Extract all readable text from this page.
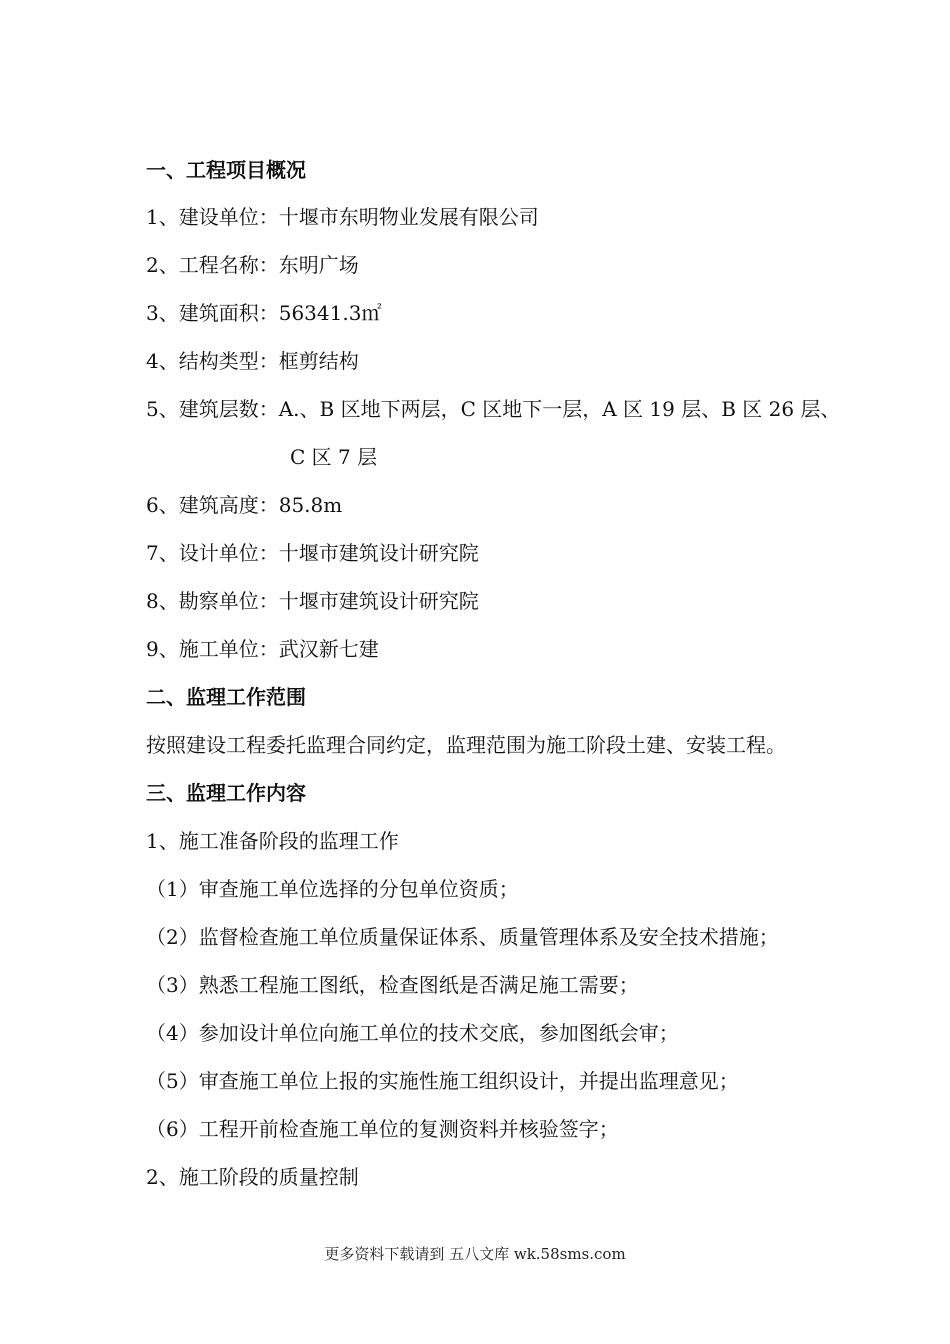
一、工程项目概况
1、建设单位：十堰市东明物业发展有限公司
2、工程名称：东明广场
3、建筑面积：56341.3㎡
4、结构类型：框剪结构
5、建筑层数：A.、B 区地下两层，C 区地下一层，A 区 19 层、B 区 26 层、
C 区 7 层
6、建筑高度：85.8m
7、设计单位：十堰市建筑设计研究院
8、勘察单位：十堰市建筑设计研究院
9、施工单位：武汉新七建
二、监理工作范围
按照建设工程委托监理合同约定，监理范围为施工阶段土建、安装工程。
三、监理工作内容
1、施工准备阶段的监理工作
（1）审查施工单位选择的分包单位资质；
（2）监督检查施工单位质量保证体系、质量管理体系及安全技术措施；
（3）熟悉工程施工图纸，检查图纸是否满足施工需要；
（4）参加设计单位向施工单位的技术交底，参加图纸会审；
（5）审查施工单位上报的实施性施工组织设计，并提出监理意见；
（6）工程开前检查施工单位的复测资料并核验签字；
2、施工阶段的质量控制
更多资料下载请到 五八文库 wk.58sms.com
